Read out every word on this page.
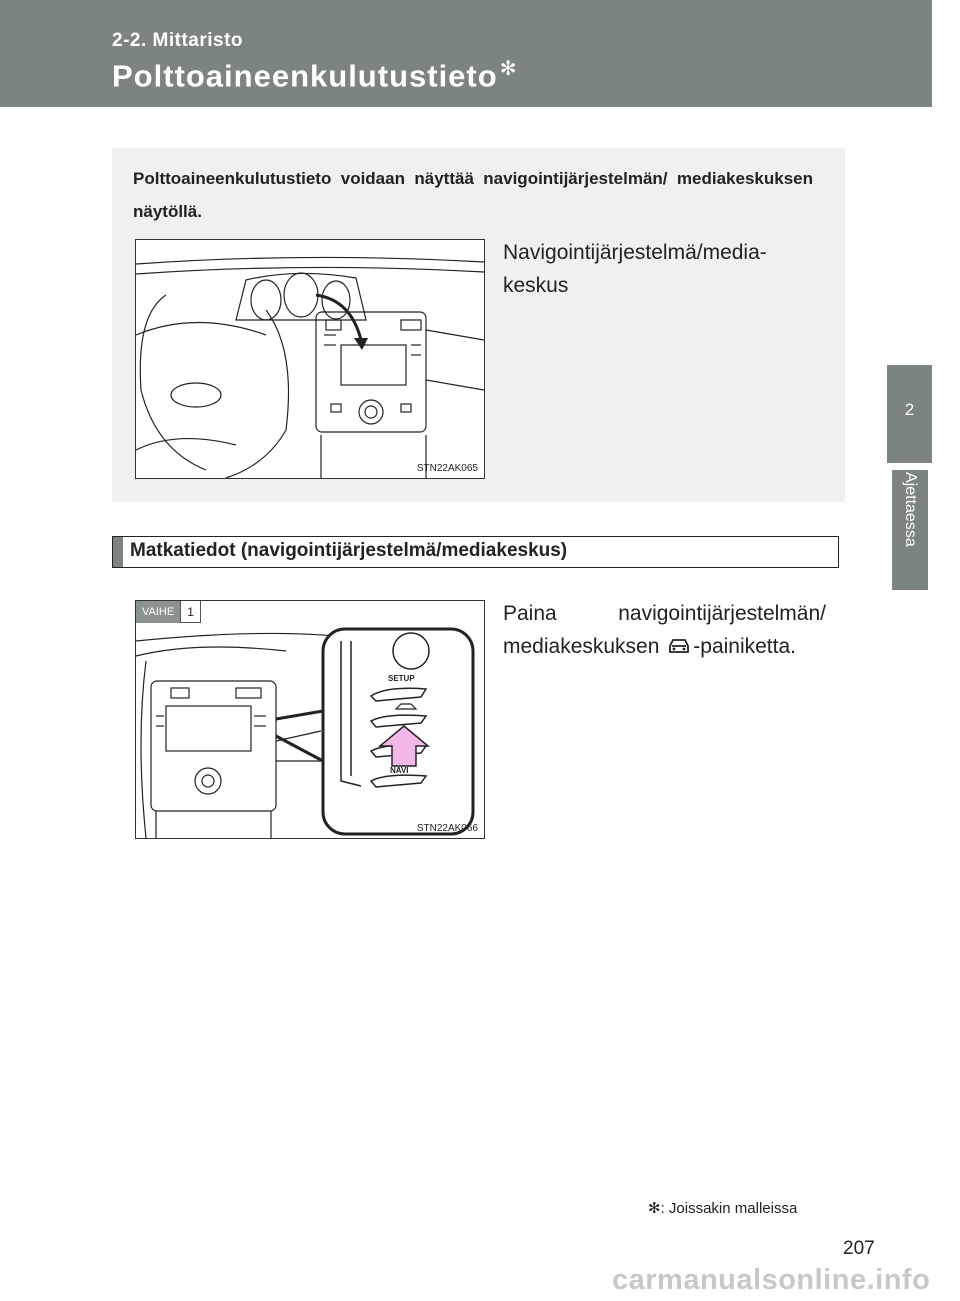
2-2. Mittaristo
Polttoaineenkulutustieto ✻
2
Ajettaessa
Polttoaineenkulutustieto voidaan näyttää navigointijärjestelmän/ mediakeskuksen näytöllä.
STN22AK065
Navigointijärjestelmä/media-
keskus
Matkatiedot (navigointijärjestelmä/mediakeskus)
VAIHE	1
SETUP
NAVI
STN22AK066
Paina	navigointijärjestelmän/
mediakeskuksen -painiketta.
✻: Joissakin malleissa
207
carmanualsonline.info
